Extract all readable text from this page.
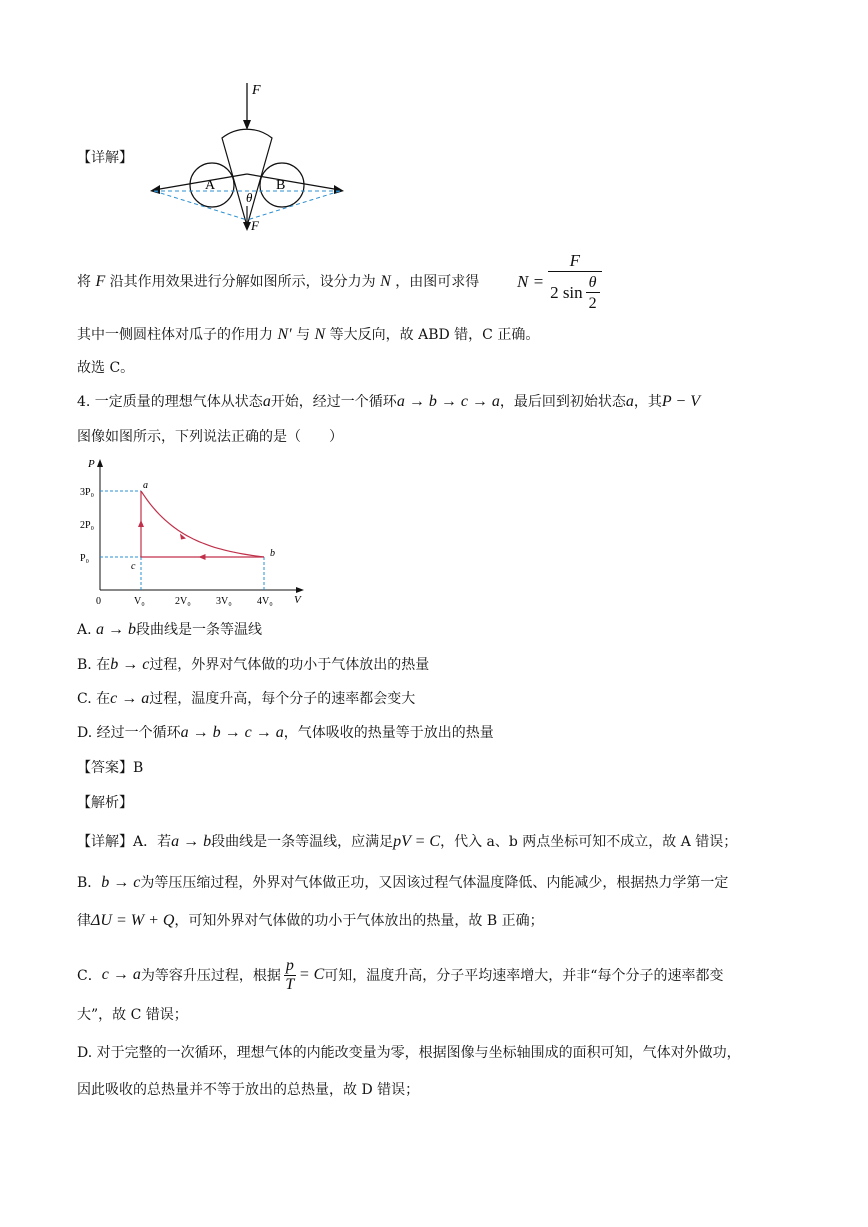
F
A	B
θ
F
【详解】
将 F 沿其作用效果进行分解如图所示，设分力为 N ，由图可求得 $N = \frac{F}{2 \sin \frac{\theta}{2}}$
其中一侧圆柱体对瓜子的作用力 N′ 与 N 等大反向，故 ABD 错，C 正确。
故选 C。
4. 一定质量的理想气体从状态a开始，经过一个循环a → b → c → a，最后回到初始状态a，其P − V
图像如图所示，下列说法正确的是（　　）
P
V
0	V₀	2V₀	3V₀	4V₀
P₀
2P₀
3P₀
a
b
c
A. a → b段曲线是一条等温线
B. 在b → c过程，外界对气体做的功小于气体放出的热量
C. 在c → a过程，温度升高，每个分子的速率都会变大
D. 经过一个循环a → b → c → a，气体吸收的热量等于放出的热量
【答案】B
【解析】
【详解】A．若a → b段曲线是一条等温线，应满足pV = C，代入 a、b 两点坐标可知不成立，故 A 错误；
B．b → c为等压压缩过程，外界对气体做正功，又因该过程气体温度降低、内能减少，根据热力学第一定
律ΔU = W + Q，可知外界对气体做的功小于气体放出的热量，故 B 正确；
C． c → a 为等容升压过程，根据 $\frac{p}{T} = C$ 可知，温度升高，分子平均速率增大，并非“每个分子的速率都变
大”，故 C 错误；
D. 对于完整的一次循环，理想气体的内能改变量为零，根据图像与坐标轴围成的面积可知，气体对外做功，
因此吸收的总热量并不等于放出的总热量，故 D 错误；
